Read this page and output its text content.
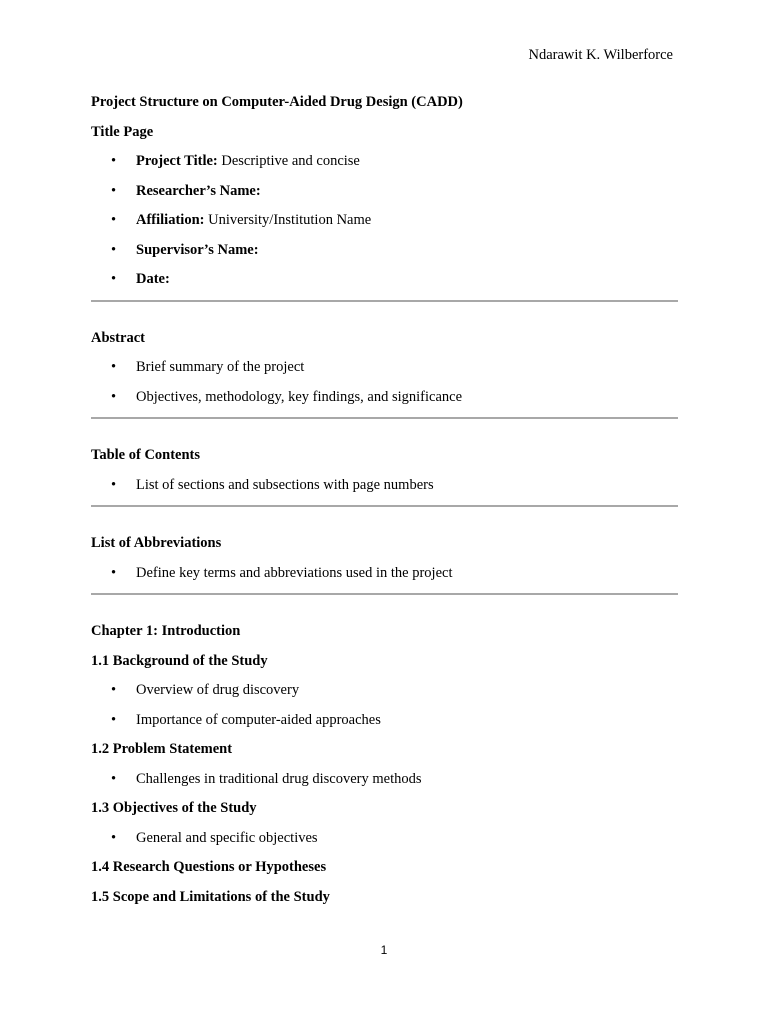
Ndarawit K. Wilberforce
Project Structure on Computer-Aided Drug Design (CADD)
Title Page
• Project Title: Descriptive and concise
• Researcher’s Name:
• Affiliation: University/Institution Name
• Supervisor’s Name:
• Date:
Abstract
• Brief summary of the project
• Objectives, methodology, key findings, and significance
Table of Contents
• List of sections and subsections with page numbers
List of Abbreviations
• Define key terms and abbreviations used in the project
Chapter 1: Introduction
1.1 Background of the Study
• Overview of drug discovery
• Importance of computer-aided approaches
1.2 Problem Statement
• Challenges in traditional drug discovery methods
1.3 Objectives of the Study
• General and specific objectives
1.4 Research Questions or Hypotheses
1.5 Scope and Limitations of the Study
1
